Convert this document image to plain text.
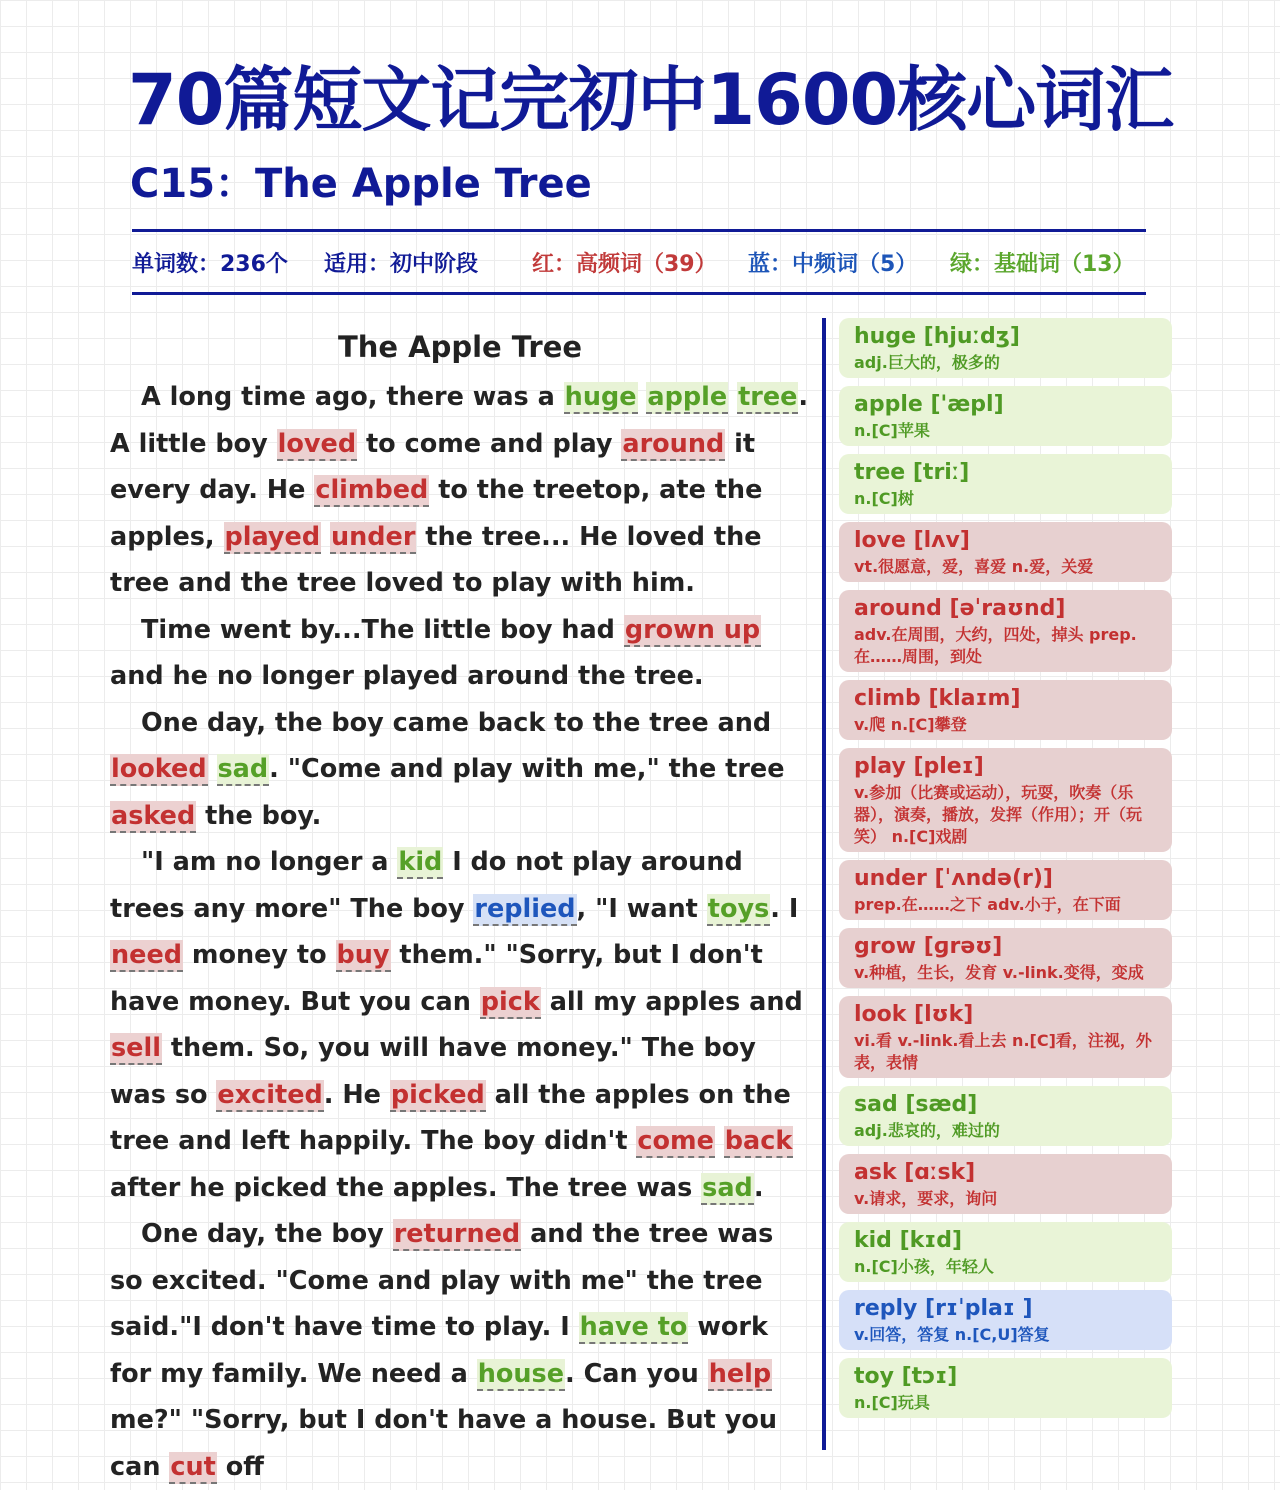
70篇短文记完初中1600核心词汇
C15：The Apple Tree
单词数：236个 适用：初中阶段 红：高频词（39） 蓝：中频词（5） 绿：基础词（13）
The Apple Tree

A long time ago, there was a huge apple tree. A little boy loved to come and play around it every day. He climbed to the treetop, ate the apples, played under the tree... He loved the tree and the tree loved to play with him.

Time went by...The little boy had grown up and he no longer played around the tree.

One day, the boy came back to the tree and looked sad. "Come and play with me," the tree asked the boy.

"I am no longer a kid I do not play around trees any more" The boy replied, "I want toys. I need money to buy them." "Sorry, but I don't have money. But you can pick all my apples and sell them. So, you will have money." The boy was so excited. He picked all the apples on the tree and left happily. The boy didn't come back after he picked the apples. The tree was sad.

One day, the boy returned and the tree was so excited. "Come and play with me" the tree said."I don't have time to play. I have to work for my family. We need a house. Can you help me?" "Sorry, but I don't have a house. But you can cut off

huge [hjuːdʒ]
adj.巨大的，极多的
apple ['æpl]
n.[C]苹果
tree [triː]
n.[C]树
love [lʌv]
vt.很愿意，爱，喜爱 n.爱，关爱
around [əˈraʊnd]
adv.在周围，大约，四处，掉头 prep.在……周围，到处
climb [klaɪm]
v.爬 n.[C]攀登
play [pleɪ]
v.参加（比赛或运动），玩耍，吹奏（乐器），演奏，播放，发挥（作用）；开（玩笑） n.[C]戏剧
under [ˈʌndə(r)]
prep.在……之下 adv.小于，在下面
grow [ɡrəʊ]
v.种植，生长，发育 v.-link.变得，变成
look [lʊk]
vi.看 v.-link.看上去 n.[C]看，注视，外表，表情
sad [sæd]
adj.悲哀的，难过的
ask [ɑːsk]
v.请求，要求，询问
kid [kɪd]
n.[C]小孩，年轻人
reply [rɪˈplaɪ ]
v.回答，答复 n.[C,U]答复
toy [tɔɪ]
n.[C]玩具
